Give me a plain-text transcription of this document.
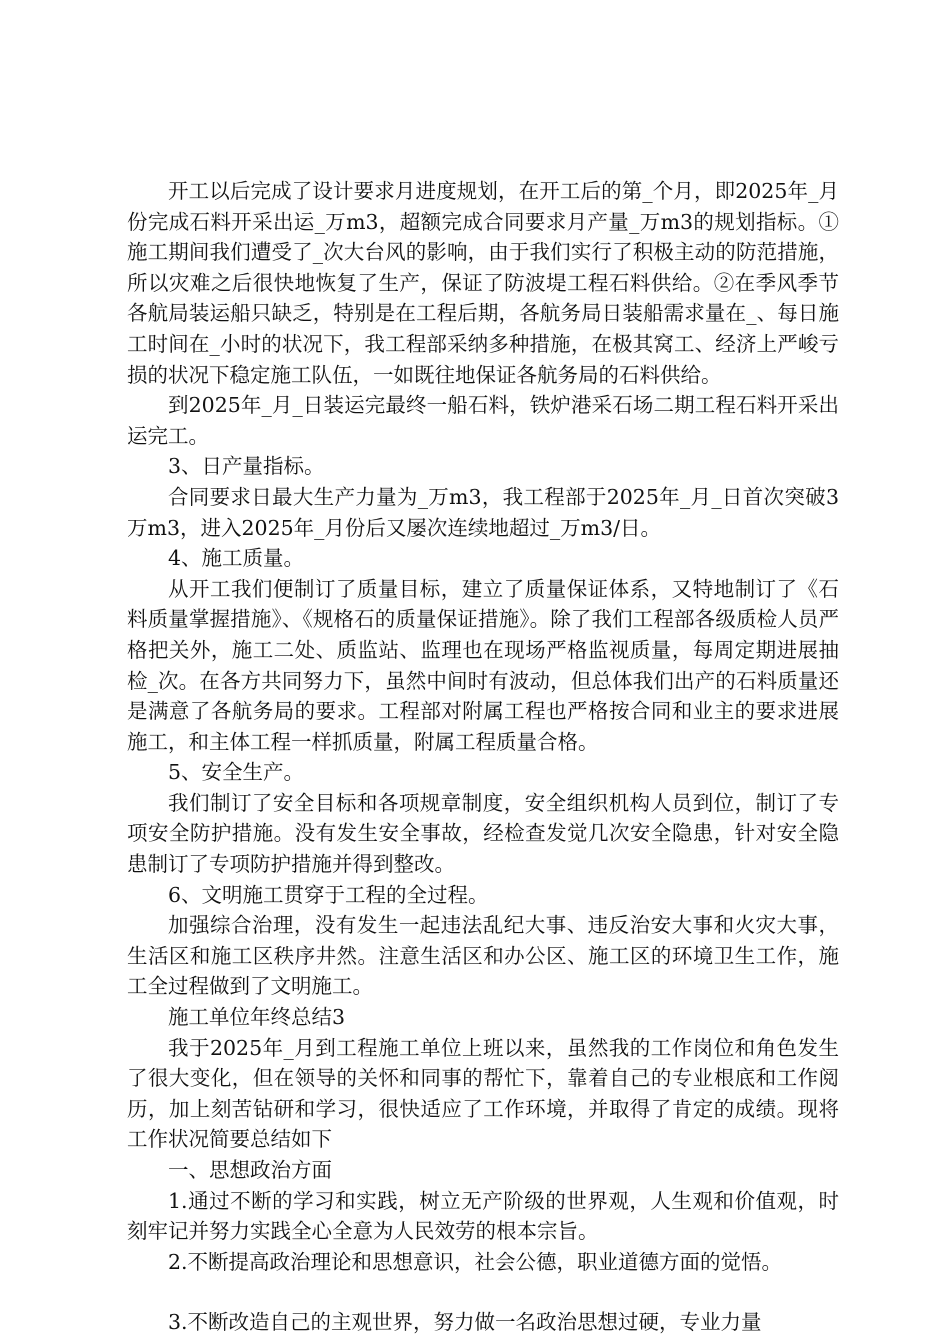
开工以后完成了设计要求月进度规划，在开工后的第_个月，即2025年_月份完成石料开采出运_万m3，超额完成合同要求月产量_万m3的规划指标。①施工期间我们遭受了_次大台风的影响，由于我们实行了积极主动的防范措施，所以灾难之后很快地恢复了生产，保证了防波堤工程石料供给。②在季风季节各航局装运船只缺乏，特别是在工程后期，各航务局日装船需求量在_、每日施工时间在_小时的状况下，我工程部采纳多种措施，在极其窝工、经济上严峻亏损的状况下稳定施工队伍，一如既往地保证各航务局的石料供给。

到2025年_月_日装运完最终一船石料，铁炉港采石场二期工程石料开采出运完工。

3、日产量指标。

合同要求日最大生产力量为_万m3，我工程部于2025年_月_日首次突破3万m3，进入2025年_月份后又屡次连续地超过_万m3/日。

4、施工质量。

从开工我们便制订了质量目标，建立了质量保证体系，又特地制订了《石料质量掌握措施》、《规格石的质量保证措施》。除了我们工程部各级质检人员严格把关外，施工二处、质监站、监理也在现场严格监视质量，每周定期进展抽检_次。在各方共同努力下，虽然中间时有波动，但总体我们出产的石料质量还是满意了各航务局的要求。工程部对附属工程也严格按合同和业主的要求进展施工，和主体工程一样抓质量，附属工程质量合格。

5、安全生产。

我们制订了安全目标和各项规章制度，安全组织机构人员到位，制订了专项安全防护措施。没有发生安全事故，经检查发觉几次安全隐患，针对安全隐患制订了专项防护措施并得到整改。

6、文明施工贯穿于工程的全过程。

加强综合治理，没有发生一起违法乱纪大事、违反治安大事和火灾大事，生活区和施工区秩序井然。注意生活区和办公区、施工区的环境卫生工作，施工全过程做到了文明施工。

施工单位年终总结3

我于2025年_月到工程施工单位上班以来，虽然我的工作岗位和角色发生了很大变化，但在领导的关怀和同事的帮忙下，靠着自己的专业根底和工作阅历，加上刻苦钻研和学习，很快适应了工作环境，并取得了肯定的成绩。现将工作状况简要总结如下

一、思想政治方面

1.通过不断的学习和实践，树立无产阶级的世界观，人生观和价值观，时刻牢记并努力实践全心全意为人民效劳的根本宗旨。

2.不断提高政治理论和思想意识，社会公德，职业道德方面的觉悟。

3.不断改造自己的主观世界，努力做一名政治思想过硬，专业力量
